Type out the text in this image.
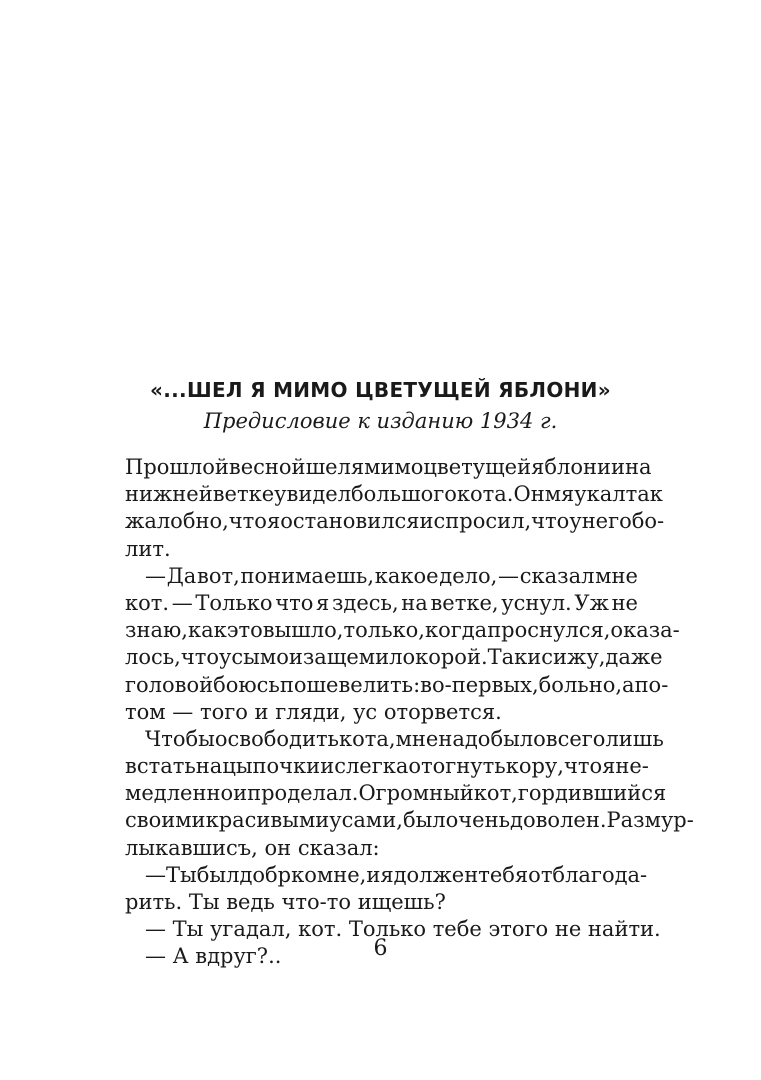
«...ШЕЛ Я МИМО ЦВЕТУЩЕЙ ЯБЛОНИ»
Предисловие к изданию 1934 г.
Прошлой весной шел я мимо цветущей яблони и на
нижней ветке увидел большого кота. Он мяукал так
жалобно, что я остановился и спросил, что у него бо-
лит.
— Да вот, понимаешь, какое дело, — сказал мне
кот. — Только что я здесь, на ветке, уснул. Уж не
знаю, как это вышло, только, когда проснулся, оказа-
лось, что усы мои защемило корой. Так и сижу, даже
головой боюсь пошевелить: во-первых, больно, а по-
том — того и гляди, ус оторвется.
Чтобы освободить кота, мне надо было всего лишь
встать на цыпочки и слегка отогнуть кору, что я не-
медленно и проделал. Огромный кот, гордившийся
своими красивыми усами, был очень доволен. Размур-
лыкавшисъ, он сказал:
— Ты был добр ко мне, и я должен тебя отблагода-
рить. Ты ведь что-то ищешь?
— Ты угадал, кот. Только тебе этого не найти.
— А вдруг?..	6
